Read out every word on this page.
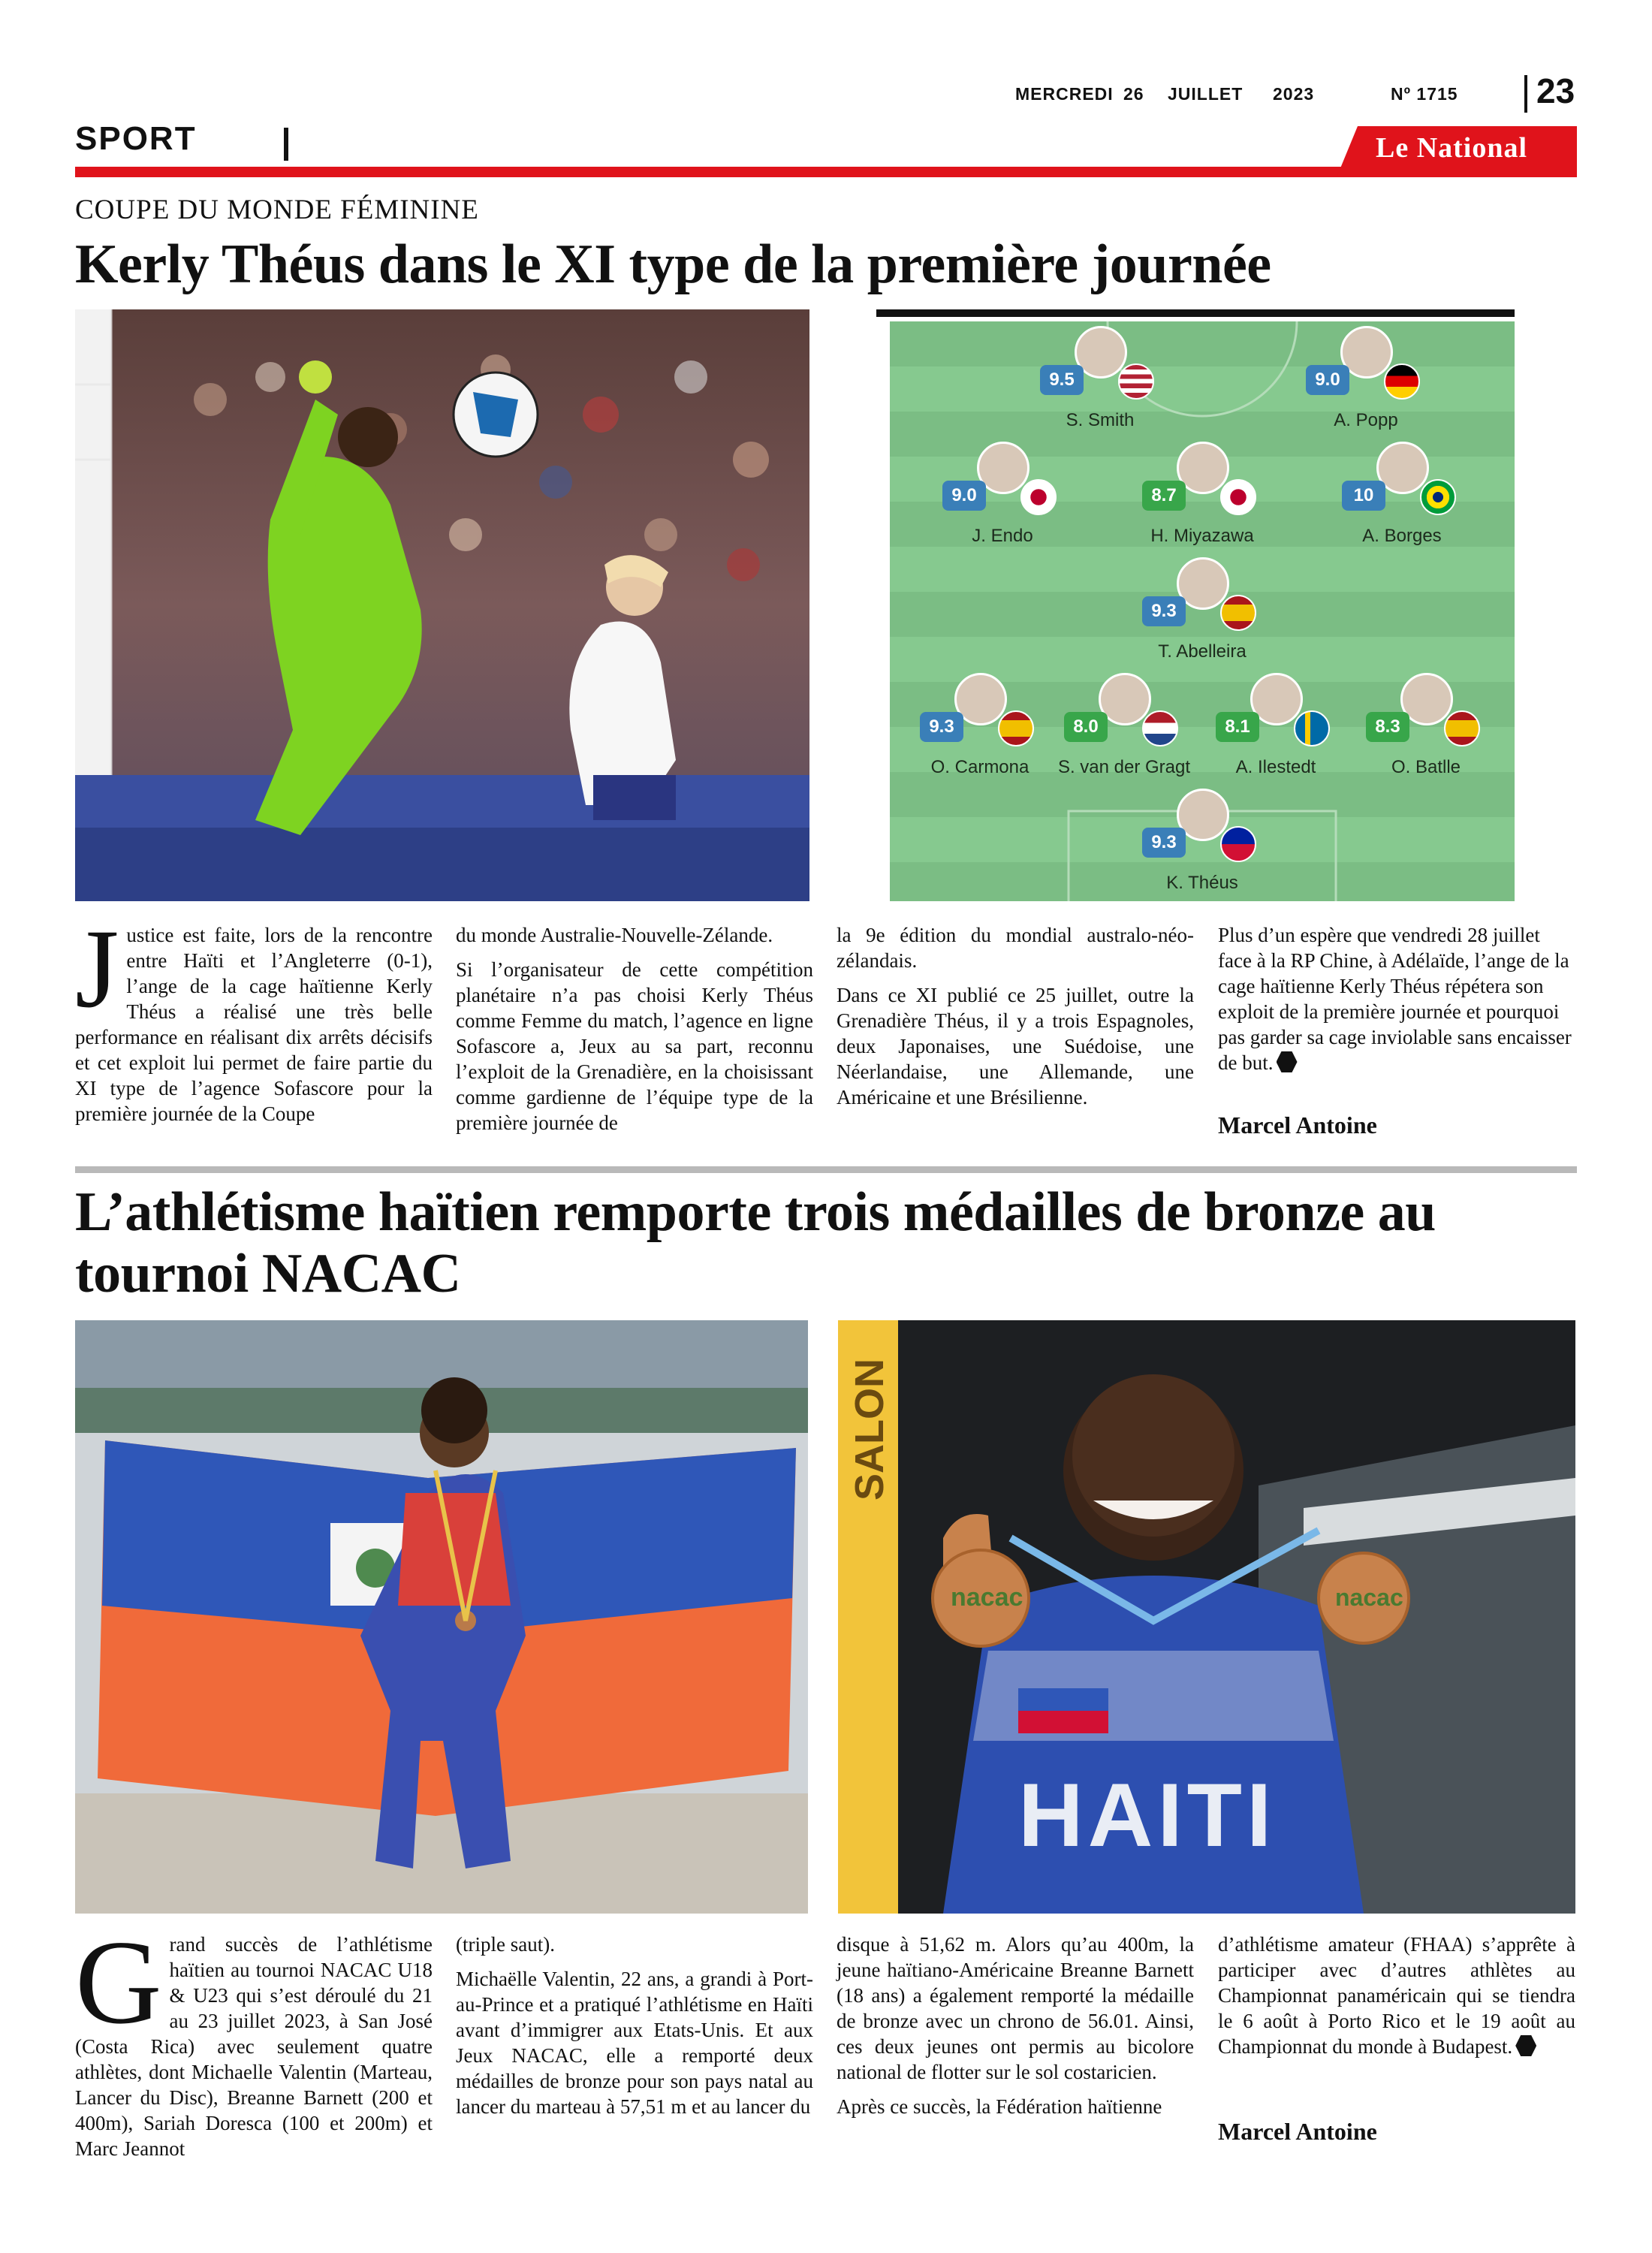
MERCREDI 26 JUILLET 2023	Nº 1715 23
SPORT	Le National
COUPE DU MONDE FÉMININE
Kerly Théus dans le XI type de la première journée
9.5
S. Smith
9.0
A. Popp
9.0
J. Endo
8.7
H. Miyazawa
10
A. Borges
9.3
T. Abelleira
9.3
O. Carmona
8.0
S. van der Gragt
8.1
A. Ilestedt
8.3
O. Batlle
9.3
K. Théus

Justice est faite, lors de la rencontre entre Haïti et l’Angleterre (0-1), l’ange de la cage haïtienne Kerly Théus a réalisé une très belle performance en réalisant dix arrêts décisifs et cet exploit lui permet de faire partie du XI type de l’agence Sofascore pour la première journée de la Coupe

du monde Australie-Nouvelle-Zélande.

Si l’organisateur de cette compétition planétaire n’a pas choisi Kerly Théus comme Femme du match, l’agence en ligne Sofascore a, Jeux au sa part, reconnu l’exploit de la Grenadière, en la choisissant comme gardienne de l’équipe type de la première journée de

la 9e édition du mondial australo-néo-zélandais.

Dans ce XI publié ce 25 juillet, outre la Grenadière Théus, il y a trois Espagnoles, deux Japonaises, une Suédoise, une Néerlandaise, une Allemande, une Américaine et une Brésilienne.

Plus d’un espère que vendredi 28 juillet face à la RP Chine, à Adélaïde, l’ange de la cage haïtienne Kerly Théus répétera son exploit de la première journée et pourquoi pas garder sa cage inviolable sans encaisser de but.

Marcel Antoine
L’athlétisme haïtien remporte trois médailles de bronze au
tournoi NACAC
SALON
HAITI
nacac	nacac

Grand succès de l’athlétisme haïtien au tournoi NACAC U18 & U23 qui s’est déroulé du 21 au 23 juillet 2023, à San José (Costa Rica) avec seulement quatre athlètes, dont Michaelle Valentin (Marteau, Lancer du Disc), Breanne Barnett (200 et 400m), Sariah Doresca (100 et 200m) et Marc Jeannot

(triple saut).

Michaëlle Valentin, 22 ans, a grandi à Port-au-Prince et a pratiqué l’athlétisme en Haïti avant d’immigrer aux Etats-Unis. Et aux Jeux NACAC, elle a remporté deux médailles de bronze pour son pays natal au lancer du marteau à 57,51 m et au lancer du

disque à 51,62 m. Alors qu’au 400m, la jeune haïtiano-Américaine Breanne Barnett (18 ans) a également remporté la médaille de bronze avec un chrono de 56.01. Ainsi, ces deux jeunes ont permis au bicolore national de flotter sur le sol costaricien.

Après ce succès, la Fédération haïtienne

d’athlétisme amateur (FHAA) s’apprête à participer avec d’autres athlètes au Championnat panaméricain qui se tiendra le 6 août à Porto Rico et le 19 août au Championnat du monde à Budapest.

Marcel Antoine
